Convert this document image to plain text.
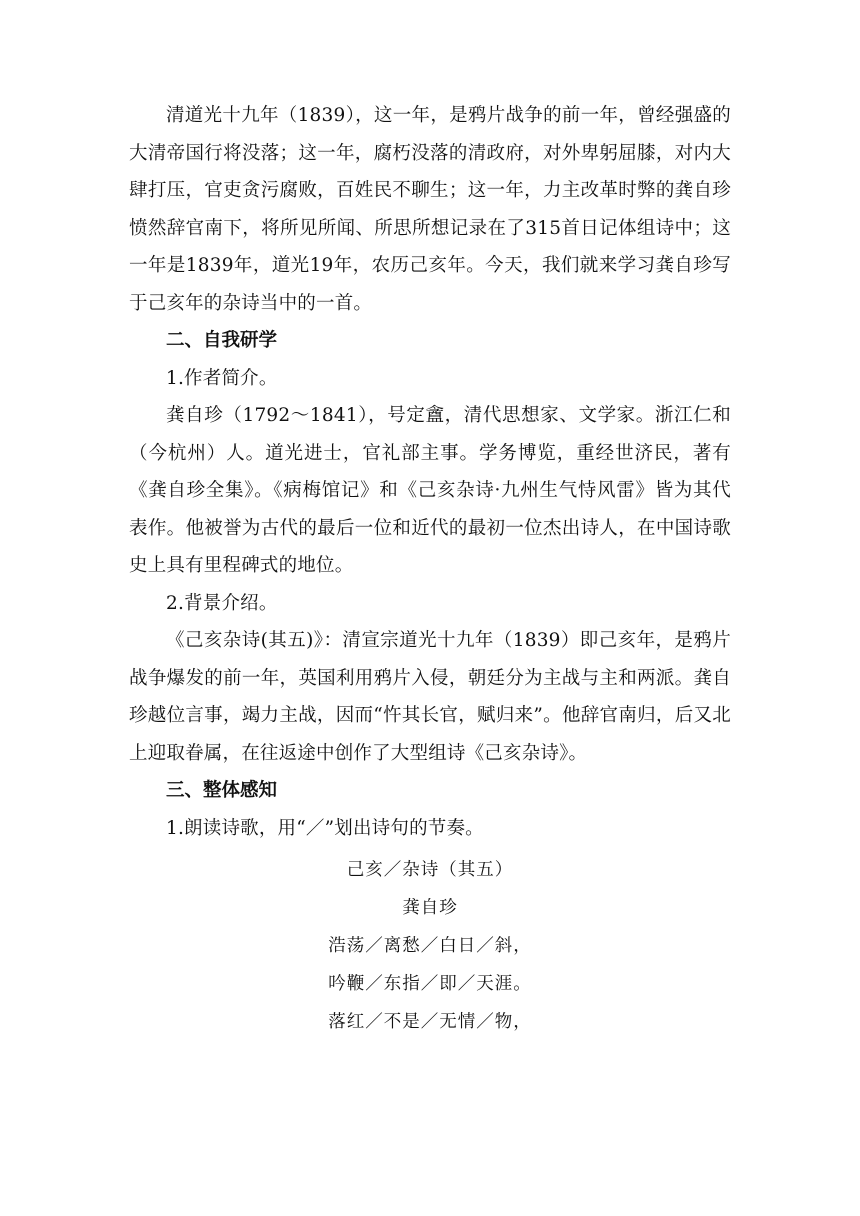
清道光十九年（1839），这一年，是鸦片战争的前一年，曾经强盛的大清帝国行将没落；这一年，腐朽没落的清政府，对外卑躬屈膝，对内大肆打压，官吏贪污腐败，百姓民不聊生；这一年，力主改革时弊的龚自珍愤然辞官南下，将所见所闻、所思所想记录在了315首日记体组诗中；这一年是1839年，道光19年，农历己亥年。今天，我们就来学习龚自珍写于己亥年的杂诗当中的一首。

二、自我研学

1.作者简介。

龚自珍（1792～1841），号定盦，清代思想家、文学家。浙江仁和（今杭州）人。道光进士，官礼部主事。学务博览，重经世济民，著有《龚自珍全集》。《病梅馆记》和《己亥杂诗·九州生气恃风雷》皆为其代表作。他被誉为古代的最后一位和近代的最初一位杰出诗人，在中国诗歌史上具有里程碑式的地位。

2.背景介绍。

《己亥杂诗(其五)》：清宣宗道光十九年（1839）即己亥年，是鸦片战争爆发的前一年，英国利用鸦片入侵，朝廷分为主战与主和两派。龚自珍越位言事，竭力主战，因而“忤其长官，赋归来”。他辞官南归，后又北上迎取眷属，在往返途中创作了大型组诗《己亥杂诗》。

三、整体感知

1.朗读诗歌，用“／”划出诗句的节奏。

己亥／杂诗（其五）

龚自珍

浩荡／离愁／白日／斜，

吟鞭／东指／即／天涯。

落红／不是／无情／物，
